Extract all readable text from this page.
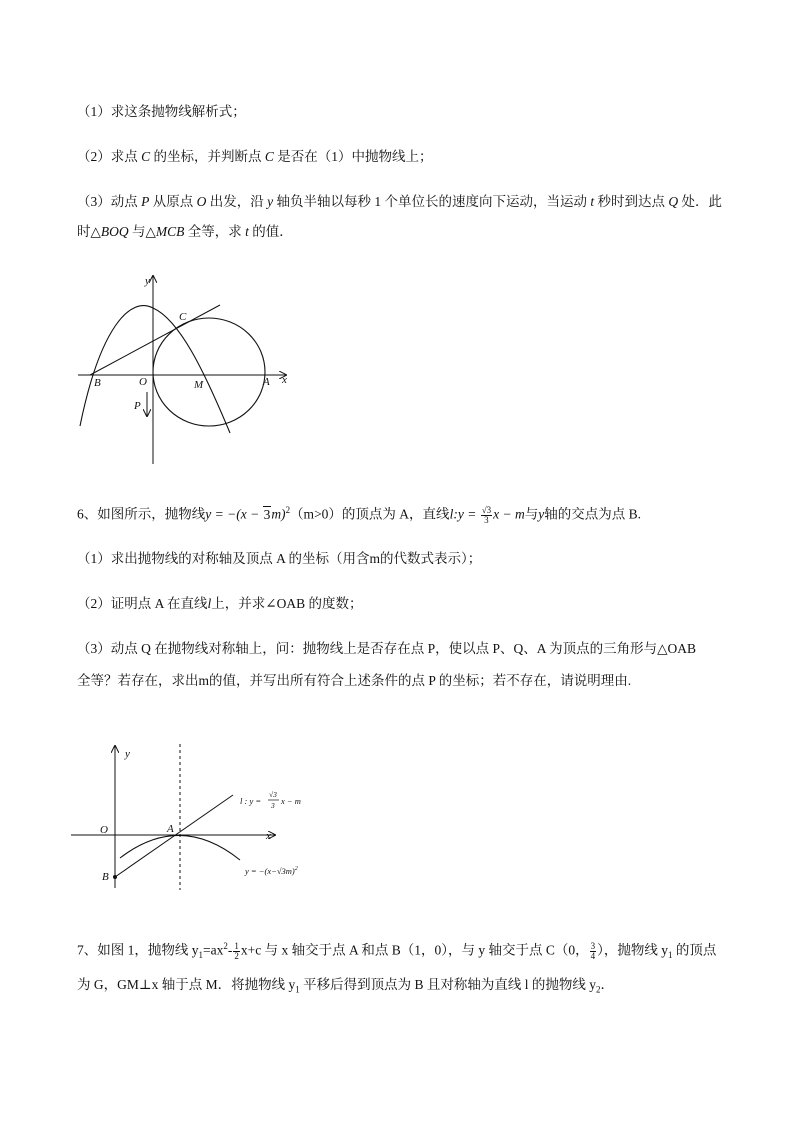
（1）求这条抛物线解析式；
（2）求点 C 的坐标，并判断点 C 是否在（1）中抛物线上；
（3）动点 P 从原点 O 出发，沿 y 轴负半轴以每秒 1 个单位长的速度向下运动，当运动 t 秒时到达点 Q 处．此
时△BOQ 与△MCB 全等，求 t 的值．
y
x
C
B	O	M	A
P
6、如图所示，抛物线$y = -(x - 3m)^2(m>0)$的顶点为 A，直线l:y = $\frac{√3}{3}$ x − m与y轴的交点为点 B.
（1）求出抛物线的对称轴及顶点 A 的坐标（用含m的代数式表示）；
（2）证明点 A 在直线l上，并求∠OAB 的度数；
（3）动点 Q 在抛物线对称轴上，问：抛物线上是否存在点 P，使以点 P、Q、A 为顶点的三角形与△OAB
全等？若存在，求出m的值，并写出所有符合上述条件的点 P 的坐标；若不存在，请说明理由.
y
x
O	A
B
l : y =
√3
3 x − m
$y = -(x-√3m)^2$
7、如图 1，抛物线 $y_1=ax^2- \frac{1}{2} x+c$ 与 x 轴交于点 A 和点 B（1，0），与 y 轴交于点 C（0， $\frac{3}{4}$ ），抛物线 $y_1$ 的顶点
为 G，GM⊥x 轴于点 M．将抛物线 $y_1$ 平移后得到顶点为 B 且对称轴为直线 l 的抛物线 $y_2$．
